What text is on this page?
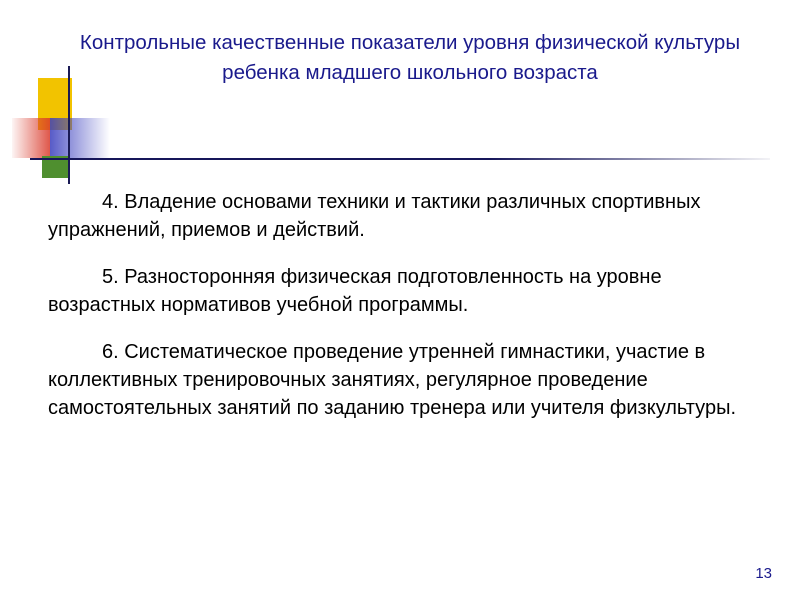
Контрольные качественные показатели уровня физической культуры ребенка младшего школьного возраста

4. Владение основами техники и тактики различных спортивных упражнений, приемов и действий.

5. Разносторонняя физическая подготовленность на уровне возрастных нормативов учебной программы.

6. Систематическое проведение утренней гимнастики, участие в коллективных тренировочных занятиях, регулярное проведение самостоятельных занятий по заданию тренера или учителя физкультуры.

13
